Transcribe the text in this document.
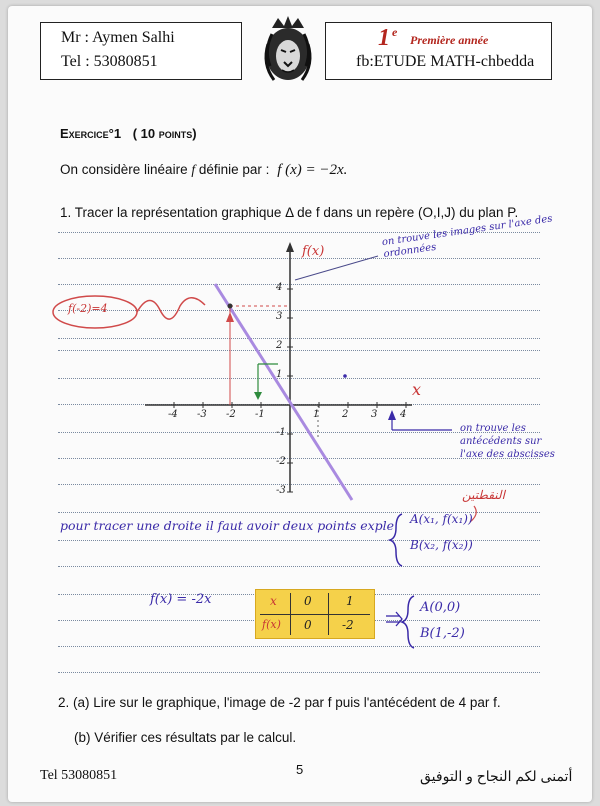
Mr : Aymen Salhi
Tel : 53080851
1 e
Première année
fb:ETUDE MATH-chbedda
Exercice°1 ( 10 points)
On considère linéaire f définie par : f (x) = −2x.
1. Tracer la représentation graphique Δ de f dans un repère (O,I,J) du plan P.
x
f(x)
f(-2)=4
on trouve les images sur l'axe des ordonnées
on trouve les
antécédents sur
l'axe des abscisses
-4 -3 -2 -1	1 2 3 4
4
3
2
1
-1
-2
-3
pour tracer une droite il faut avoir deux points exple A(x₁, f(x₁))
B(x₂, f(x₂))
النقطتين
f(x) = -2x
A(0,0)
B(1,-2)
x 0	1
f(x) 0	-2
2. (a) Lire sur le graphique, l'image de -2 par f puis l'antécédent de 4 par f.
(b) Vérifier ces résultats par le calcul.
Tel 53080851	5	أتمنى لكم النجاح و التوفيق
